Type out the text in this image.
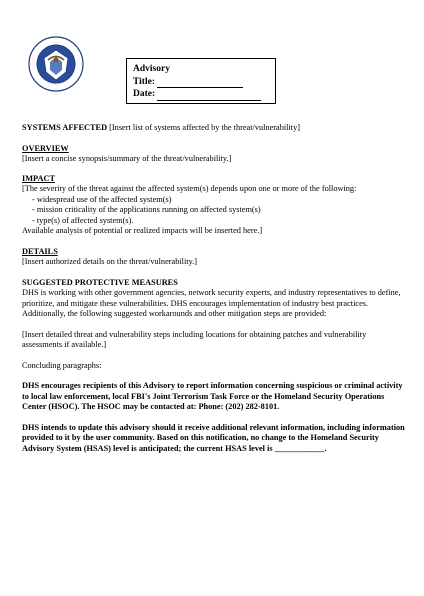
Advisory
Title:
Date:
SYSTEMS AFFECTED [Insert list of systems affected by the threat/vulnerability]
OVERVIEW
[Insert a concise synopsis/summary of the threat/vulnerability.]
IMPACT
[The severity of the threat against the affected system(s) depends upon one or more of the following:
- widespread use of the affected system(s)
- mission criticality of the applications running on affected system(s)
- type(s) of affected system(s).
Available analysis of potential or realized impacts will be inserted here.]
DETAILS
[Insert authorized details on the threat/vulnerability.]
SUGGESTED PROTECTIVE MEASURES
DHS is working with other government agencies, network security experts, and industry representatives to define, prioritize, and mitigate these vulnerabilities. DHS encourages implementation of industry best practices. Additionally, the following suggested workarounds and other mitigation steps are provided:
[Insert detailed threat and vulnerability steps including locations for obtaining patches and vulnerability assessments if available.]
Concluding paragraphs:
DHS encourages recipients of this Advisory to report information concerning suspicious or criminal activity to local law enforcement, local FBI's Joint Terrorism Task Force or the Homeland Security Operations Center (HSOC). The HSOC may be contacted at: Phone: (202) 282-8101.
DHS intends to update this advisory should it receive additional relevant information, including information provided to it by the user community. Based on this notification, no change to the Homeland Security Advisory System (HSAS) level is anticipated; the current HSAS level is ____________.
